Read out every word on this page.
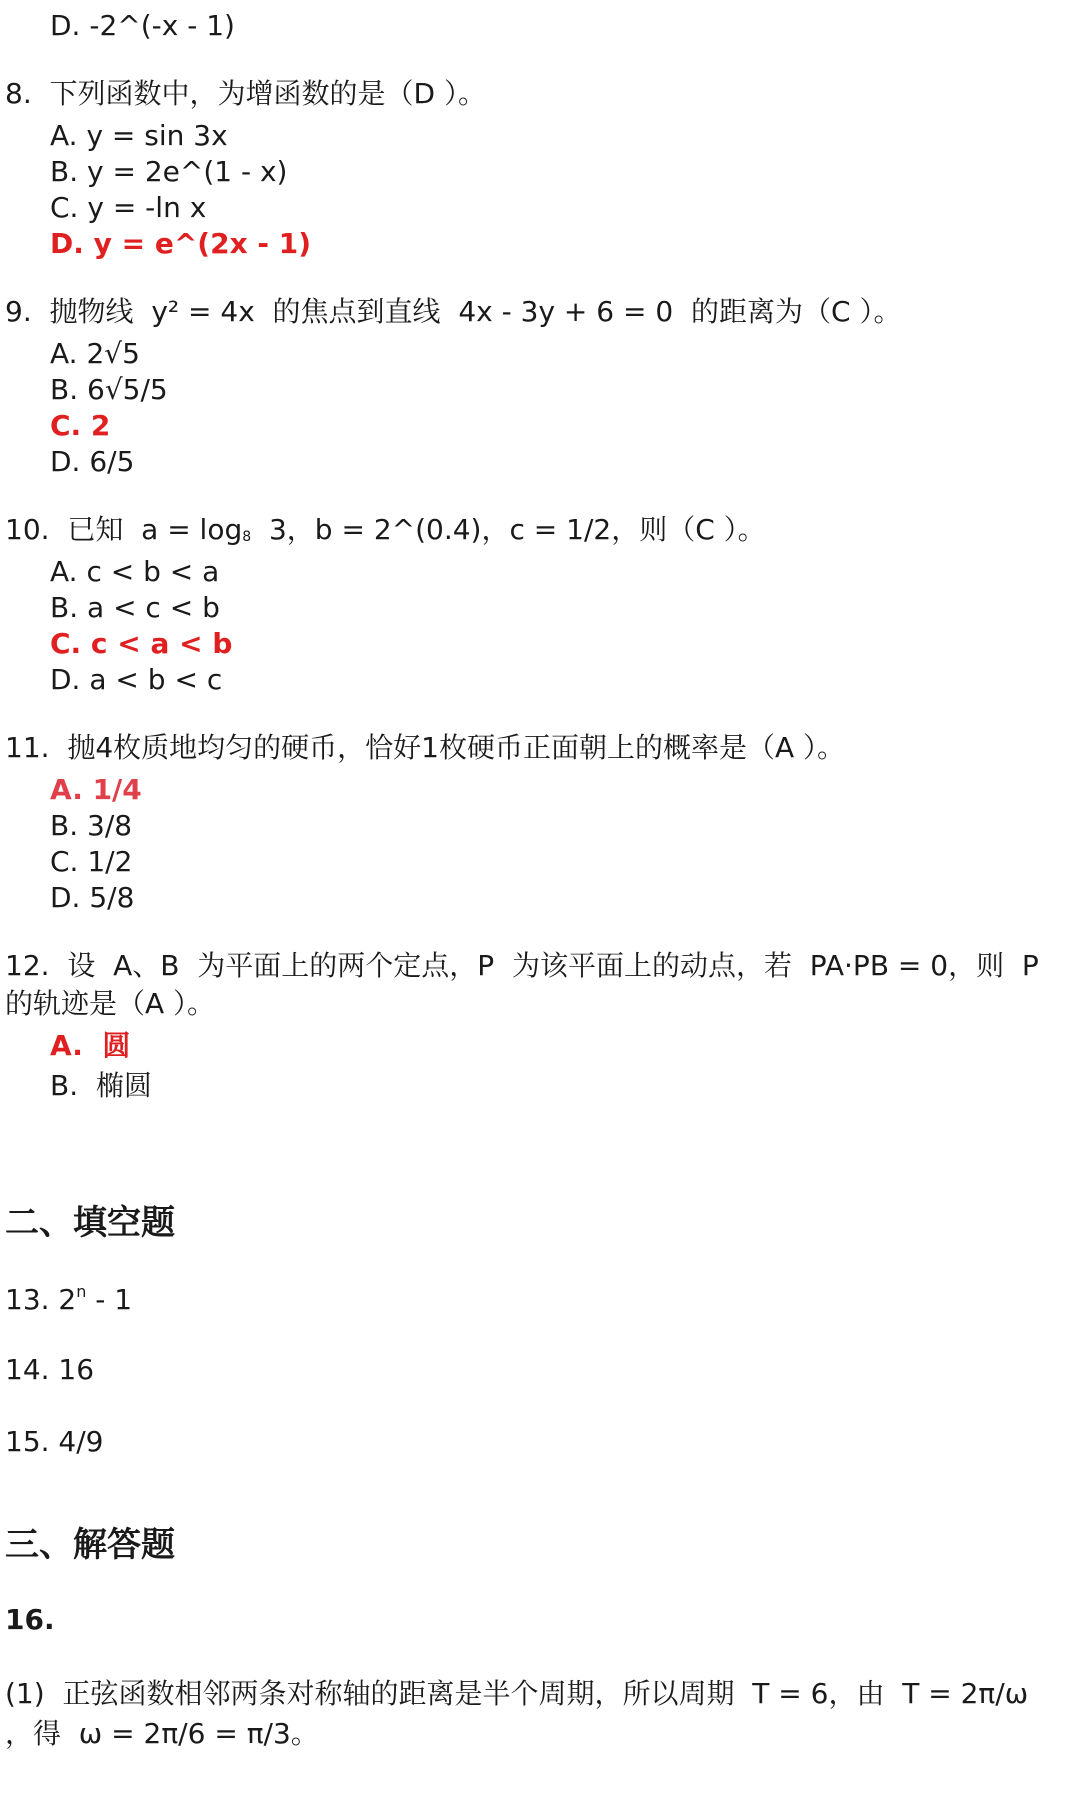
D. -2^(-x - 1)
8.  下列函数中，为增函数的是（D ）。
A. y = sin 3x
B. y = 2e^(1 - x)
C. y = -ln x
D. y = e^(2x - 1)
9.  抛物线  y² = 4x  的焦点到直线  4x - 3y + 6 = 0  的距离为（C ）。
A. 2√5
B. 6√5/5
C. 2
D. 6/5
10.  已知  a = log8  3，b = 2^(0.4)，c = 1/2，则（C ）。
A. c < b < a
B. a < c < b
C. c < a < b
D. a < b < c
11.  抛4枚质地均匀的硬币，恰好1枚硬币正面朝上的概率是（A ）。
A. 1/4
B. 3/8
C. 1/2
D. 5/8
12.  设  A、B  为平面上的两个定点，P  为该平面上的动点，若  PA·PB = 0，则  P
的轨迹是（A ）。
A.  圆
B.  椭圆
二、填空题
13. 2$^n$ - 1
14. 16
15. 4/9
三、解答题
16.
(1)  正弦函数相邻两条对称轴的距离是半个周期，所以周期  T = 6，由  T = 2π/ω
，得  ω = 2π/6 = π/3。
